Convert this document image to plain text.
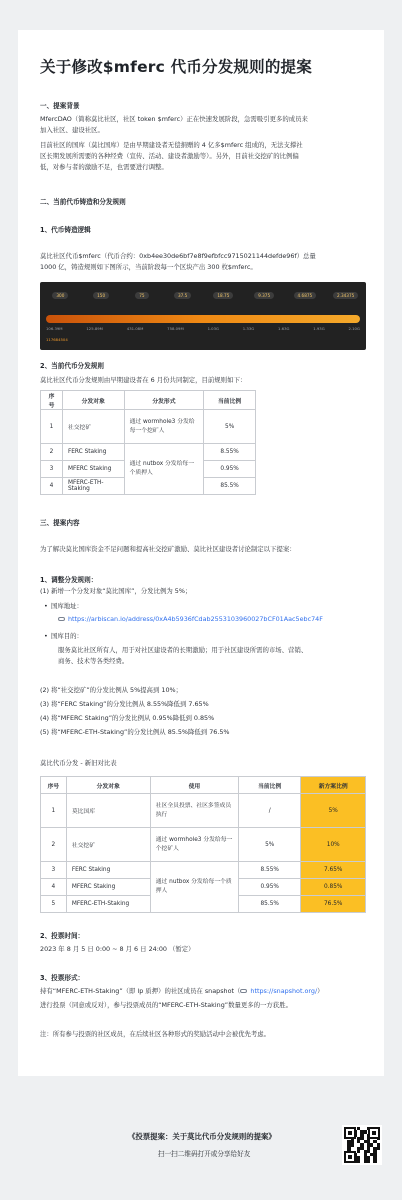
关于修改$mferc 代币分发规则的提案
一、提案背景
MfercDAO（简称莫比社区，社区 token $mferc）正在快速发展阶段，急需吸引更多的成员来
加入社区、建设社区。
目前社区的国库（莫比国库）是由早期建设者无偿捐赠的 4 亿多$mferc 组成的，无法支撑社
区长期发展所需要的各种经费（宣传、活动、建设者激励等）。另外，目前社交挖矿的比例偏
低，对参与者的激励不足，也需要进行调整。
二、当前代币铸造和分发规则
1、代币铸造逻辑
莫比社区代币$mferc（代币合约：0xb4ee30de6bf7e8f9efbfcc9715021144defde96f）总量
1000 亿，铸造规则如下图所示，当前阶段每一个区块产出 300 枚$mferc。
300	150	75	37.5	18.75	9.375	4.6875	2.34375
106.39M	125.89M	431.08M	758.09M	1.03G	1.33G	1.63G	1.93G	2.10G
117684504
2、当前代币分发规则
莫比社区代币分发规则由早期建设者在 6 月份共同制定，目前规则如下：
序号	分发对象	分发形式	当前比例
1	社交挖矿	通过 wormhole3 分发给每一个挖矿人	5%
2	FERC Staking	通过 nutbox 分发给每一个质押人	8.55%
3	MFERC Staking		0.95%
4	MFERC-ETH-Staking		85.5%
三、提案内容
为了解决莫比国库资金不足问题和提高社交挖矿激励、莫比社区建设者讨论制定以下提案：
1、调整分发规则：
(1) 新增一个分发对象“莫比国库”，分发比例为 5%；
• 国库地址：
https://arbiscan.io/address/0xA4b5936fCdab2553103960027bCF01Aac5ebc74F
• 国库目的：
服务莫比社区所有人，用于对社区建设者的长期激励；用于社区建设所需的市场、营销、
商务、技术等各类经费。
(2) 将“社交挖矿”的分发比例从 5%提高到 10%；
(3) 将“FERC Staking”的分发比例从 8.55%降低到 7.65%
(4) 将“MFERC Staking”的分发比例从 0.95%降低到 0.85%
(5) 将“MFERC-ETH-Staking”的分发比例从 85.5%降低到 76.5%
莫比代币分发 - 新旧对比表
序号	分发对象	使用	当前比例	新方案比例
1	莫比国库	社区全员投票、社区多签成员执行	/	5%
2	社交挖矿	通过 wormhole3 分发给每一个挖矿人	5%	10%
3	FERC Staking	通过 nutbox 分发给每一个质押人	8.55%	7.65%
4	MFERC Staking		0.95%	0.85%
5	MFERC-ETH-Staking		85.5%	76.5%
2、投票时间：
2023 年 8 月 5 日 0:00 ~ 8 月 6 日 24:00 （暂定）
3、投票形式：
持有“MFERC-ETH-Staking”（即 lp 质押）的社区成员在 snapshot（ https://snapshot.org/）
进行投票（同意或反对），参与投票成员的“MFERC-ETH-Staking”数量更多的一方获胜。
注：所有参与投票的社区成员，在后续社区各种形式的奖励活动中会被优先考虑。
《投票提案：关于莫比代币分发规则的提案》
扫一扫二维码打开或分享给好友
